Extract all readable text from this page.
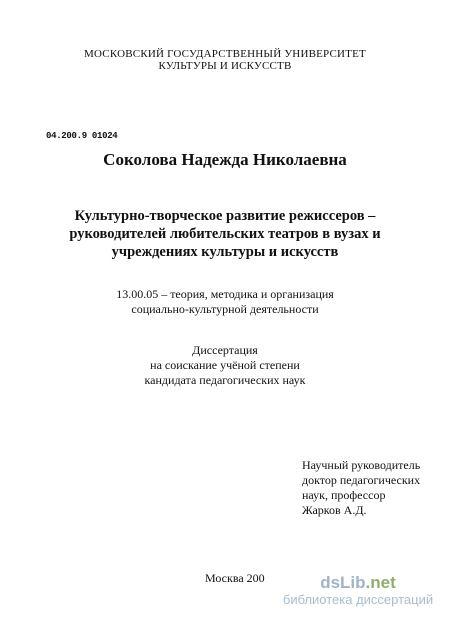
МОСКОВСКИЙ ГОСУДАРСТВЕННЫЙ УНИВЕРСИТЕТ
КУЛЬТУРЫ И ИСКУССТВ
04.200.9 01024
Соколова Надежда Николаевна
Культурно-творческое развитие режиссеров –
руководителей любительских театров в вузах и
учреждениях культуры и искусств
13.00.05 – теория, методика и организация
социально-культурной деятельности
Диссертация
на соискание учёной степени
кандидата педагогических наук
Научный руководитель
доктор педагогических
наук, профессор
Жарков А.Д.
Москва 200	dsLib.net
библиотека диссертаций
